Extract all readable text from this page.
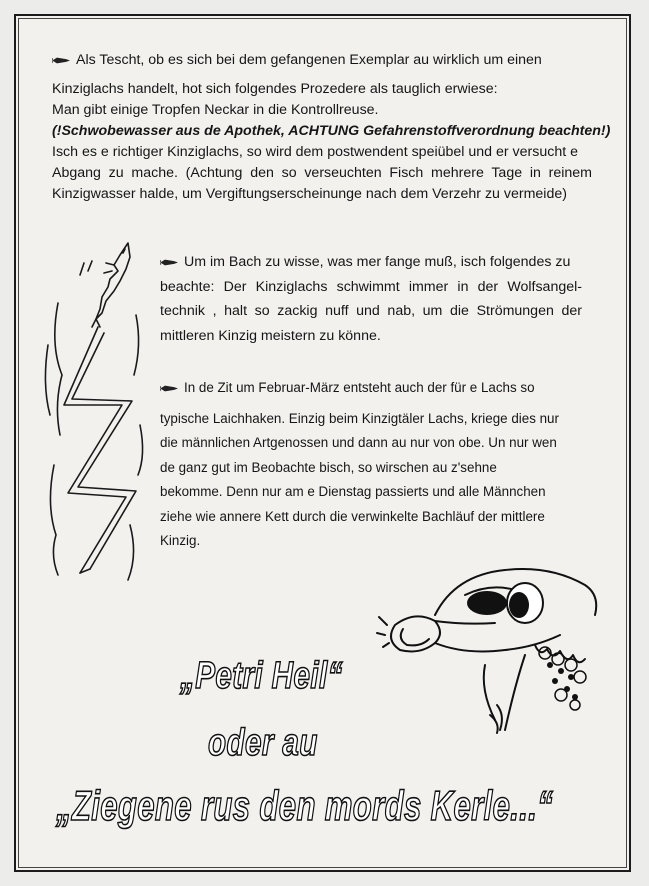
Als Tescht, ob es sich bei dem gefangenen Exemplar au wirklich um einen
Kinziglachs handelt, hot sich folgendes Prozedere als tauglich erwiese:
Man gibt einige Tropfen Neckar in die Kontrollreuse.
(!Schwobewasser aus de Apothek, ACHTUNG Gefahrenstoffverordnung beachten!)
Isch es e richtiger Kinziglachs, so wird dem postwendent speiübel und er versucht e
Abgang zu mache. (Achtung den so verseuchten Fisch mehrere Tage in reinem
Kinzigwasser halde, um Vergiftungserscheinunge nach dem Verzehr zu vermeide)
Um im Bach zu wisse, was mer fange muß, isch folgendes zu
beachte: Der Kinziglachs schwimmt immer in der Wolfsangel-
technik , halt so zackig nuff und nab, um die Strömungen der
mittleren Kinzig meistern zu könne.
In de Zit um Februar-März entsteht auch der für e Lachs so
typische Laichhaken. Einzig beim Kinzigtäler Lachs, kriege dies nur
die männlichen Artgenossen und dann au nur von obe. Un nur wen
de ganz gut im Beobachte bisch, so wirschen au z'sehne
bekomme. Denn nur am e Dienstag passierts und alle Männchen
ziehe wie annere Kett durch die verwinkelte Bachläuf der mittlere
Kinzig.
„Petri Heil“
oder au
„Ziegene rus den mords Kerle...“
